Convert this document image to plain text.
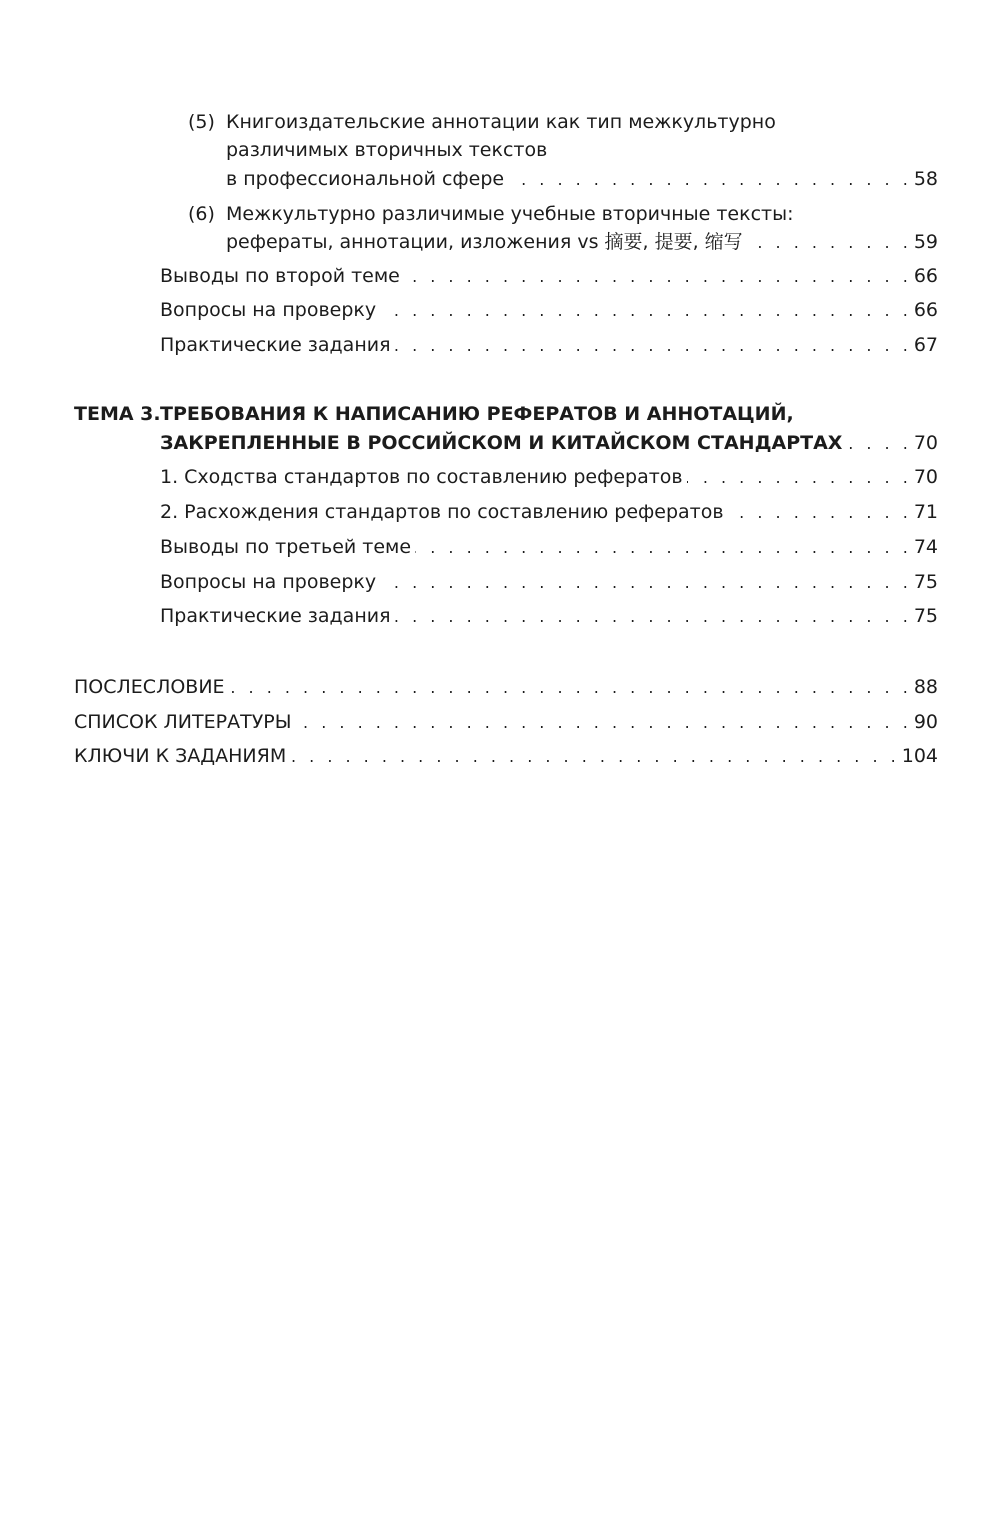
(5) Книгоиздательские аннотации как тип межкультурно
различимых вторичных текстов
в профессиональной сфере . . .	58
(6) Межкультурно различимые учебные вторичные тексты:
рефераты, аннотации, изложения vs 摘要, 提要, 缩写 . . .	59
Выводы по второй теме . . .	66
Вопросы на проверку . . .	66
Практические задания . . .	67
ТЕМА 3. ТРЕБОВАНИЯ К НАПИСАНИЮ РЕФЕРАТОВ И АННОТАЦИЙ,
ЗАКРЕПЛЕННЫЕ В РОССИЙСКОМ И КИТАЙСКОМ СТАНДАРТАХ . . .	70
1. Сходства стандартов по составлению рефератов . . .	70
2. Расхождения стандартов по составлению рефератов . . .	71
Выводы по третьей теме . . .	74
Вопросы на проверку . . .	75
Практические задания . . .	75
ПОСЛЕСЛОВИЕ . . .	88
СПИСОК ЛИТЕРАТУРЫ . . .	90
КЛЮЧИ К ЗАДАНИЯМ . . .	104
